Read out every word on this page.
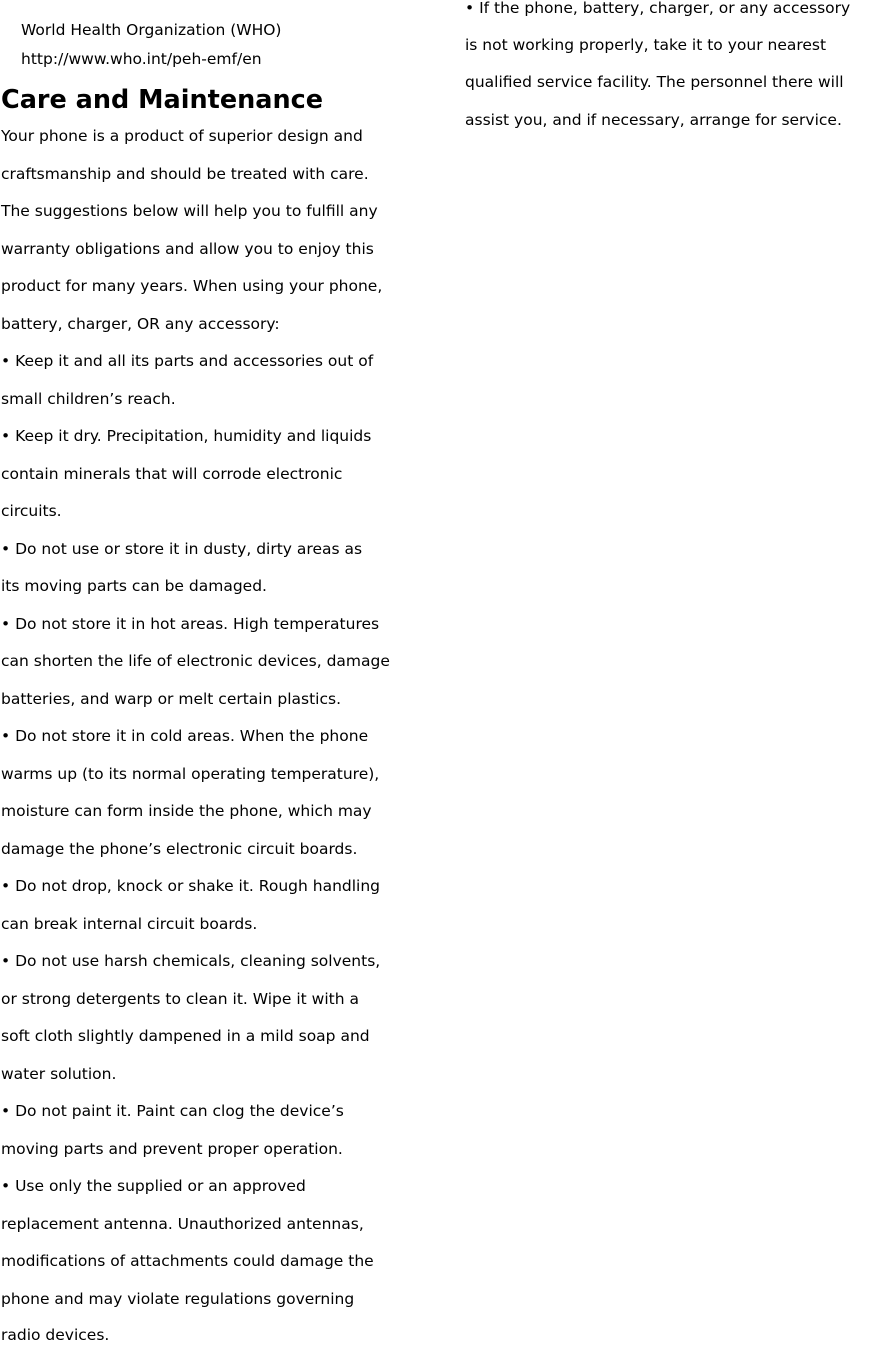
World Health Organization (WHO)

http://www.who.int/peh-emf/en

Care and Maintenance

Your phone is a product of superior design and

craftsmanship and should be treated with care.

The suggestions below will help you to fulfill any

warranty obligations and allow you to enjoy this

product for many years. When using your phone,

battery, charger, OR any accessory:

• Keep it and all its parts and accessories out of

small children’s reach.

• Keep it dry. Precipitation, humidity and liquids

contain minerals that will corrode electronic

circuits.

• Do not use or store it in dusty, dirty areas as

its moving parts can be damaged.

• Do not store it in hot areas. High temperatures

can shorten the life of electronic devices, damage

batteries, and warp or melt certain plastics.

• Do not store it in cold areas. When the phone

warms up (to its normal operating temperature),

moisture can form inside the phone, which may

damage the phone’s electronic circuit boards.

• Do not drop, knock or shake it. Rough handling

can break internal circuit boards.

• Do not use harsh chemicals, cleaning solvents,

or strong detergents to clean it. Wipe it with a

soft cloth slightly dampened in a mild soap and

water solution.

• Do not paint it. Paint can clog the device’s

moving parts and prevent proper operation.

• Use only the supplied or an approved

replacement antenna. Unauthorized antennas,

modifications of attachments could damage the

phone and may violate regulations governing

radio devices.

• If the phone, battery, charger, or any accessory

is not working properly, take it to your nearest

qualified service facility. The personnel there will

assist you, and if necessary, arrange for service.
